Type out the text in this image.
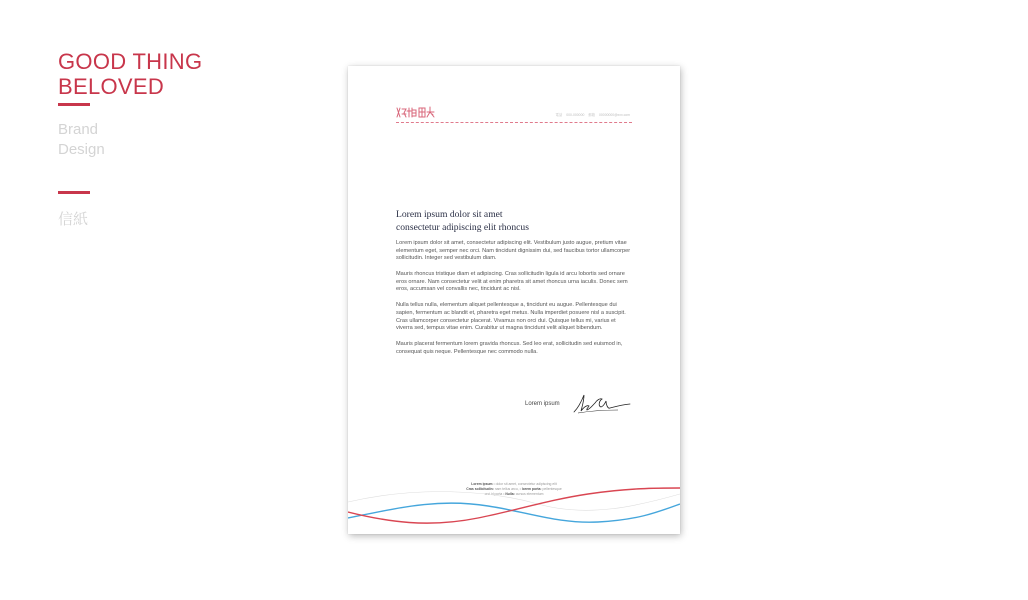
GOOD THING
BELOVED
Brand
Design
信紙
電話 000-000000 郵箱 00000000@xxx.com
Lorem ipsum dolor sit amet
consectetur adipiscing elit rhoncus

Lorem ipsum dolor sit amet, consectetur adipiscing elit. Vestibulum justo augue, pretium vitae elementum eget, semper nec orci. Nam tincidunt dignissim dui, sed faucibus tortor ullamcorper sollicitudin. Integer sed vestibulum diam.

Mauris rhoncus tristique diam et adipiscing. Cras sollicitudin ligula id arcu lobortis sed ornare eros ornare. Nam consectetur velit at enim pharetra sit amet rhoncus urna iaculis. Donec sem eros, accumsan vel convallis nec, tincidunt ac nisl.

Nulla tellus nulla, elementum aliquet pellentesque a, tincidunt eu augue. Pellentesque dui sapien, fermentum ac blandit et, pharetra eget metus. Nulla imperdiet posuere nisl a suscipit. Cras ullamcorper consectetur placerat. Vivamus non orci dui. Quisque tellus mi, varius et viverra sed, tempus vitae enim. Curabitur ut magna tincidunt velit aliquet bibendum.

Mauris placerat fermentum lorem gravida rhoncus. Sed leo erat, sollicitudin sed euismod in, consequat quis neque. Pellentesque nec commodo nulla.

Lorem ipsum
Lorem ipsum • dolor sit amet, consectetur adipiscing elit
Cras sollicitudin: nam tellus arcu, • lorem porta: pellentesque
orci id porta • Nulla: cursus elementum
